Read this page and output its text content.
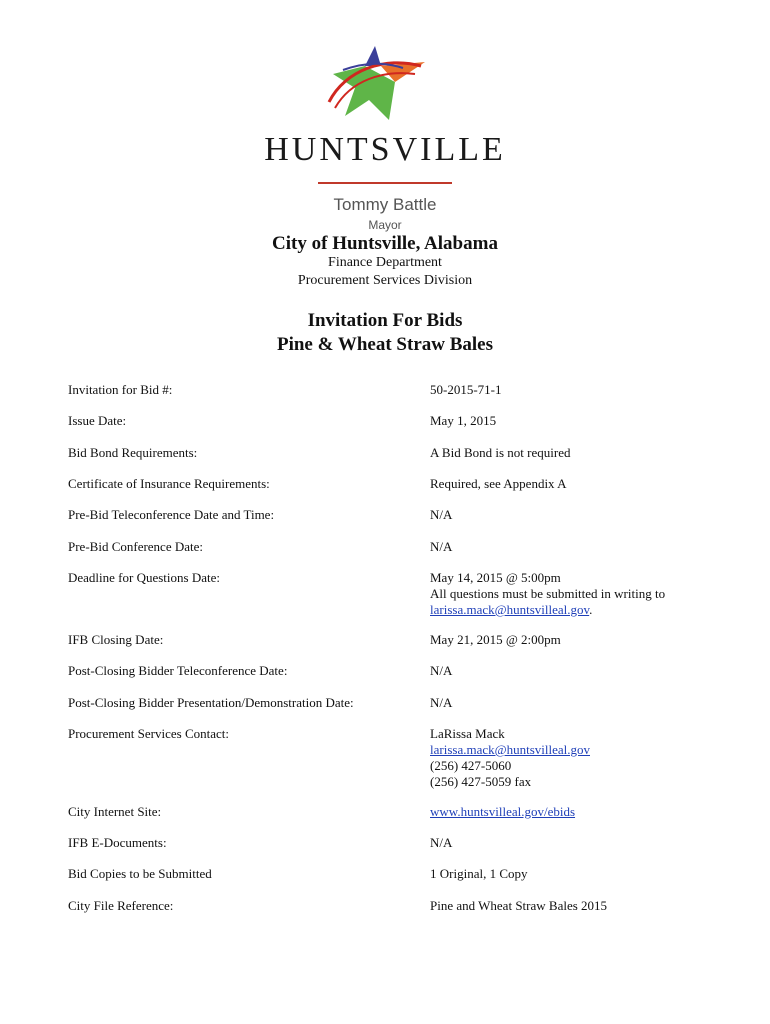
HUNTSVILLE
Tommy Battle
Mayor
City of Huntsville, Alabama
Finance Department
Procurement Services Division
Invitation For Bids
Pine & Wheat Straw Bales
Invitation for Bid #:	50-2015-71-1
Issue Date:	May 1, 2015
Bid Bond Requirements:	A Bid Bond is not required
Certificate of Insurance Requirements:	Required, see Appendix A
Pre-Bid Teleconference Date and Time:	N/A
Pre-Bid Conference Date:	N/A
Deadline for Questions Date:	May 14, 2015 @ 5:00pm
All questions must be submitted in writing to
larissa.mack@huntsvilleal.gov.
IFB Closing Date:	May 21, 2015 @ 2:00pm
Post-Closing Bidder Teleconference Date:	N/A
Post-Closing Bidder Presentation/Demonstration Date:	N/A
Procurement Services Contact:	LaRissa Mack
larissa.mack@huntsvilleal.gov
(256) 427-5060
(256) 427-5059 fax
City Internet Site:	www.huntsvilleal.gov/ebids
IFB E-Documents:	N/A
Bid Copies to be Submitted	1 Original, 1 Copy
City File Reference:	Pine and Wheat Straw Bales 2015
